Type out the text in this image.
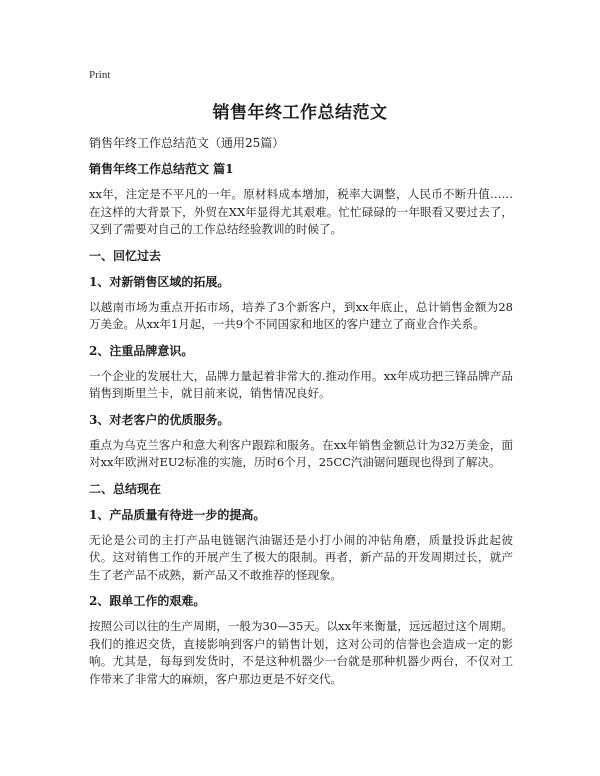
Print
销售年终工作总结范文

销售年终工作总结范文（通用25篇）

销售年终工作总结范文 篇1

xx年，注定是不平凡的一年。原材料成本增加，税率大调整，人民币不断升值……在这样的大背景下，外贸在XX年显得尤其艰难。忙忙碌碌的一年眼看又要过去了，又到了需要对自己的工作总结经验教训的时候了。

一、回忆过去

1、对新销售区域的拓展。

以越南市场为重点开拓市场，培养了3个新客户，到xx年底止，总计销售金额为28万美金。从xx年1月起，一共9个不同国家和地区的客户建立了商业合作关系。

2、注重品牌意识。

一个企业的发展壮大，品牌力量起着非常大的.推动作用。xx年成功把三锋品牌产品销售到斯里兰卡，就目前来说，销售情况良好。

3、对老客户的优质服务。

重点为乌克兰客户和意大利客户跟踪和服务。在xx年销售金额总计为32万美金，面对xx年欧洲对EU2标准的实施，历时6个月，25CC汽油锯问题现也得到了解决。

二、总结现在

1、产品质量有待进一步的提高。

无论是公司的主打产品电链锯汽油锯还是小打小闹的冲钻角磨，质量投诉此起彼伏。这对销售工作的开展产生了极大的限制。再者，新产品的开发周期过长，就产生了老产品不成熟，新产品又不敢推荐的怪现象。

2、跟单工作的艰难。

按照公司以往的生产周期，一般为30—35天。以xx年来衡量，远远超过这个周期。我们的推迟交货，直接影响到客户的销售计划，这对公司的信誉也会造成一定的影响。尤其是，每每到发货时，不是这种机器少一台就是那种机器少两台，不仅对工作带来了非常大的麻烦，客户那边更是不好交代。
